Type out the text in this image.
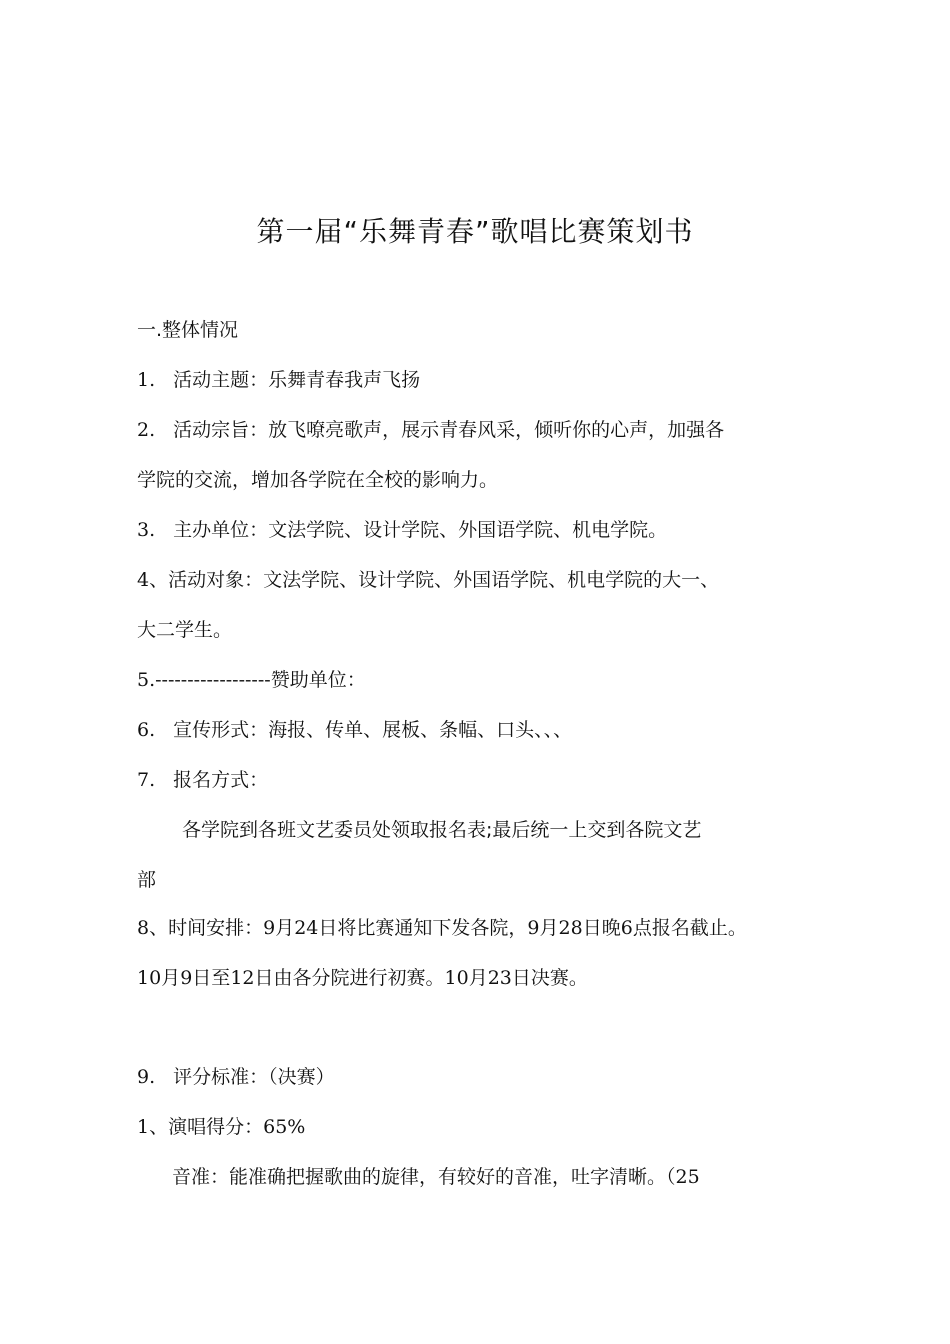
第一届“乐舞青春”歌唱比赛策划书
一.整体情况
1. 活动主题：乐舞青春我声飞扬
2. 活动宗旨：放飞嘹亮歌声，展示青春风采，倾听你的心声，加强各
学院的交流，增加各学院在全校的影响力。
3. 主办单位：文法学院、设计学院、外国语学院、机电学院。
4、活动对象：文法学院、设计学院、外国语学院、机电学院的大一、
大二学生。
5.------------------赞助单位：
6. 宣传形式：海报、传单、展板、条幅、口头、、、
7. 报名方式：
各学院到各班文艺委员处领取报名表;最后统一上交到各院文艺
部
8、时间安排：9月24日将比赛通知下发各院，9月28日晚6点报名截止。
10月9日至12日由各分院进行初赛。10月23日决赛。
9. 评分标准：（决赛）
1、演唱得分：65%
音准：能准确把握歌曲的旋律，有较好的音准，吐字清晰。（25
